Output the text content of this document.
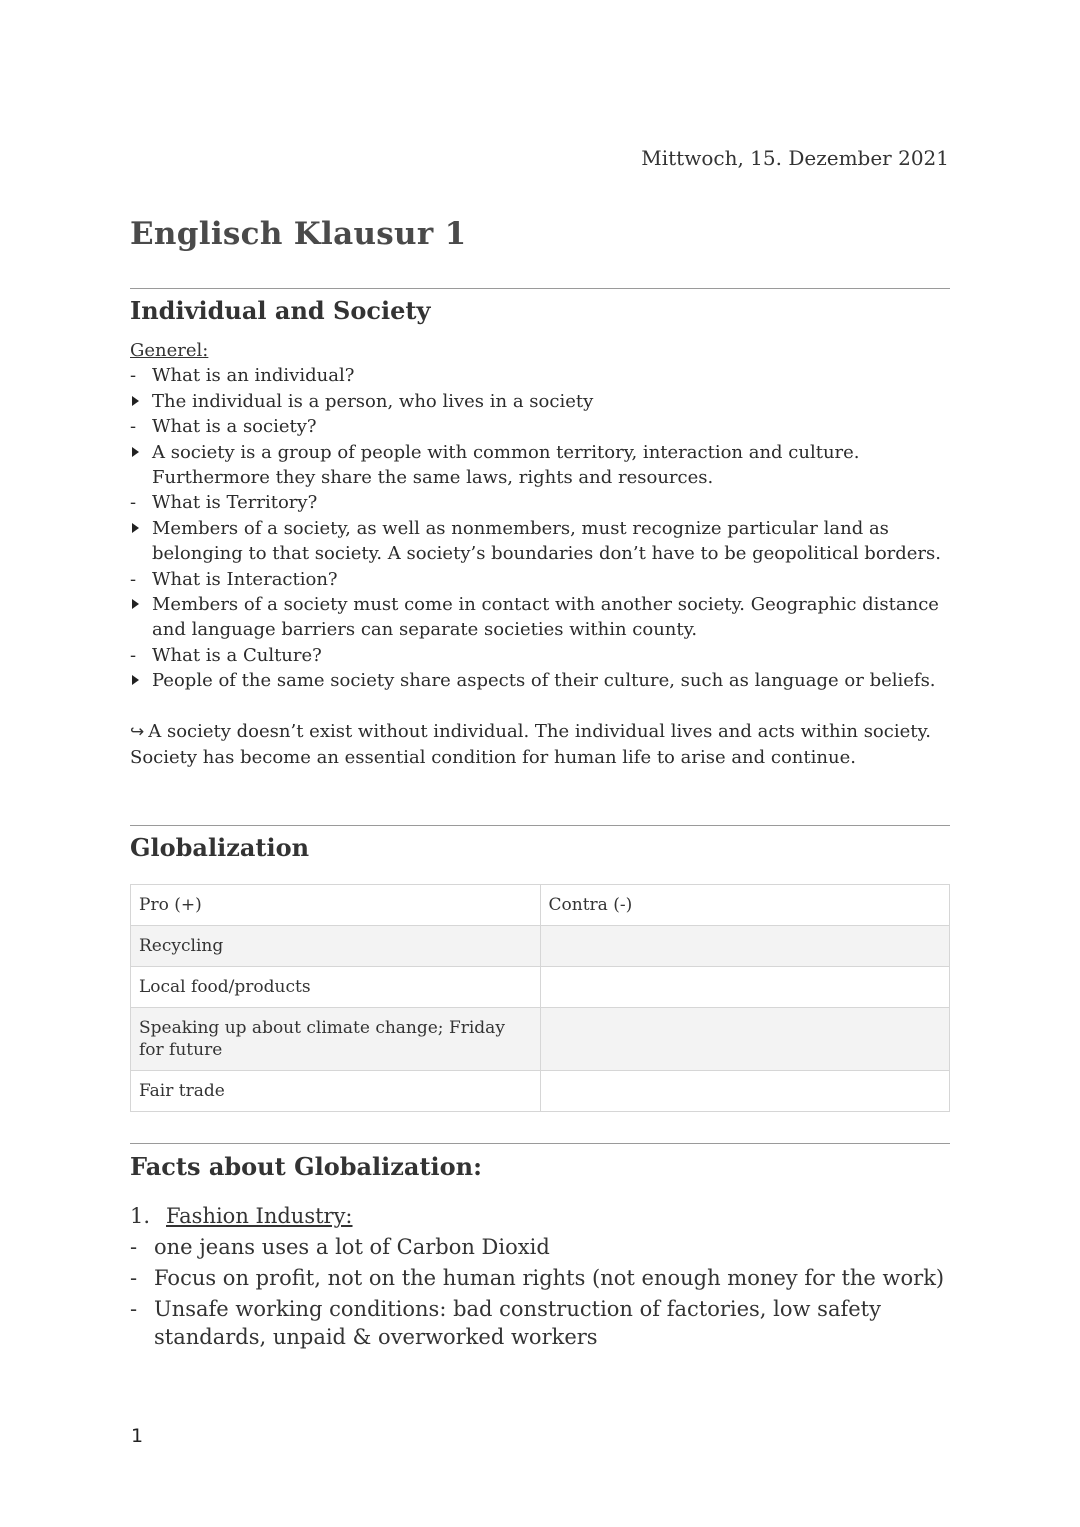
Mittwoch, 15. Dezember 2021
Englisch Klausur 1
Individual and Society
Generel:
- What is an individual?
The individual is a person, who lives in a society
- What is a society?
A society is a group of people with common territory, interaction and culture. Furthermore they share the same laws, rights and resources.
- What is Territory?
Members of a society, as well as nonmembers, must recognize particular land as belonging to that society. A society’s boundaries don’t have to be geopolitical borders.
- What is Interaction?
Members of a society must come in contact with another society. Geographic distance and language barriers can separate societies within county.
- What is a Culture?
People of the same society share aspects of their culture, such as language or beliefs.
↪ A society doesn’t exist without individual. The individual lives and acts within society. Society has become an essential condition for human life to arise and continue.
Globalization
Pro (+)	Contra (-)
Recycling	
Local food/products	
Speaking up about climate change; Friday for future	
Fair trade	
Facts about Globalization:
1. Fashion Industry:
- one jeans uses a lot of Carbon Dioxid
- Focus on profit, not on the human rights (not enough money for the work)
- Unsafe working conditions: bad construction of factories, low safety standards, unpaid & overworked workers
1
